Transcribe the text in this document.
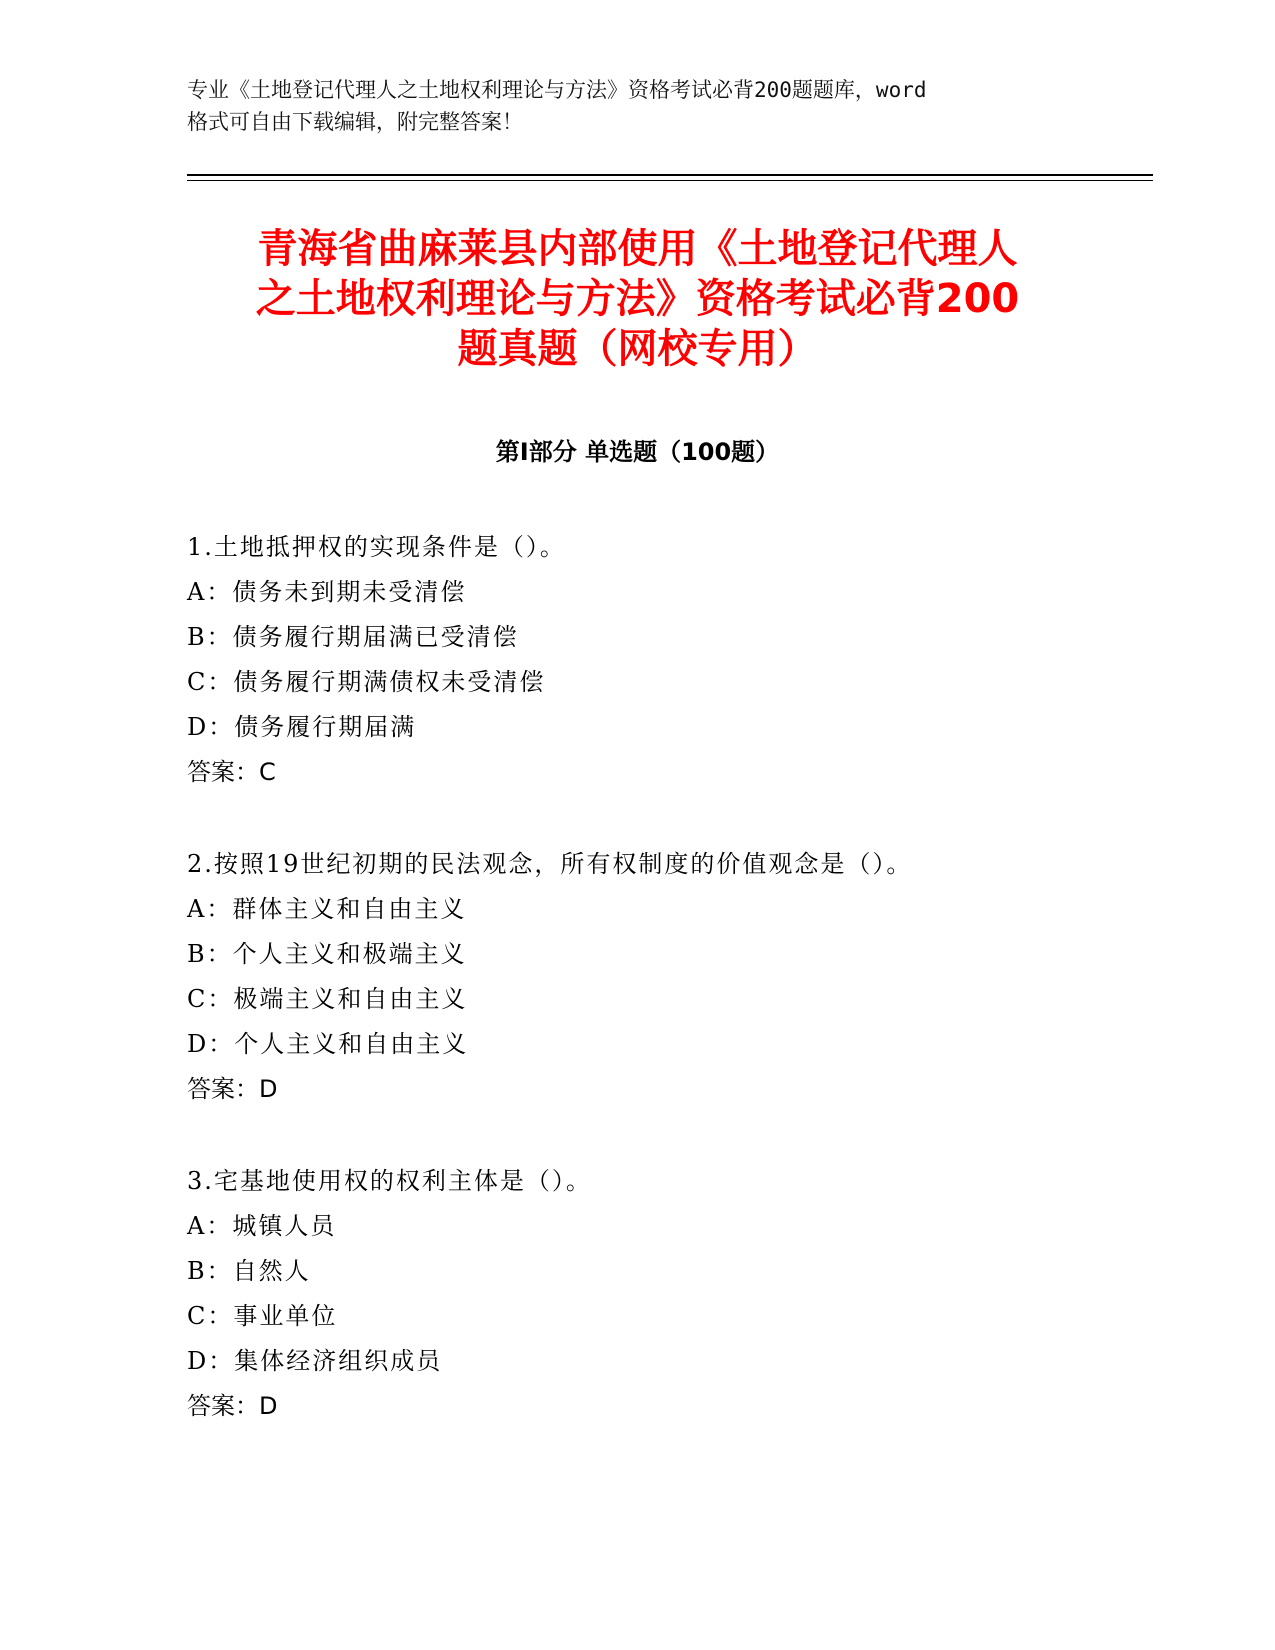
专业《土地登记代理人之土地权利理论与方法》资格考试必背200题题库，word
格式可自由下载编辑，附完整答案！
青海省曲麻莱县内部使用《土地登记代理人
之土地权利理论与方法》资格考试必背200
题真题（网校专用）
第Ⅰ部分 单选题（100题）
1.土地抵押权的实现条件是（）。
A：债务未到期未受清偿
B：债务履行期届满已受清偿
C：债务履行期满债权未受清偿
D：债务履行期届满
答案：C
2.按照19世纪初期的民法观念，所有权制度的价值观念是（）。
A：群体主义和自由主义
B：个人主义和极端主义
C：极端主义和自由主义
D：个人主义和自由主义
答案：D
3.宅基地使用权的权利主体是（）。
A：城镇人员
B：自然人
C：事业单位
D：集体经济组织成员
答案：D
